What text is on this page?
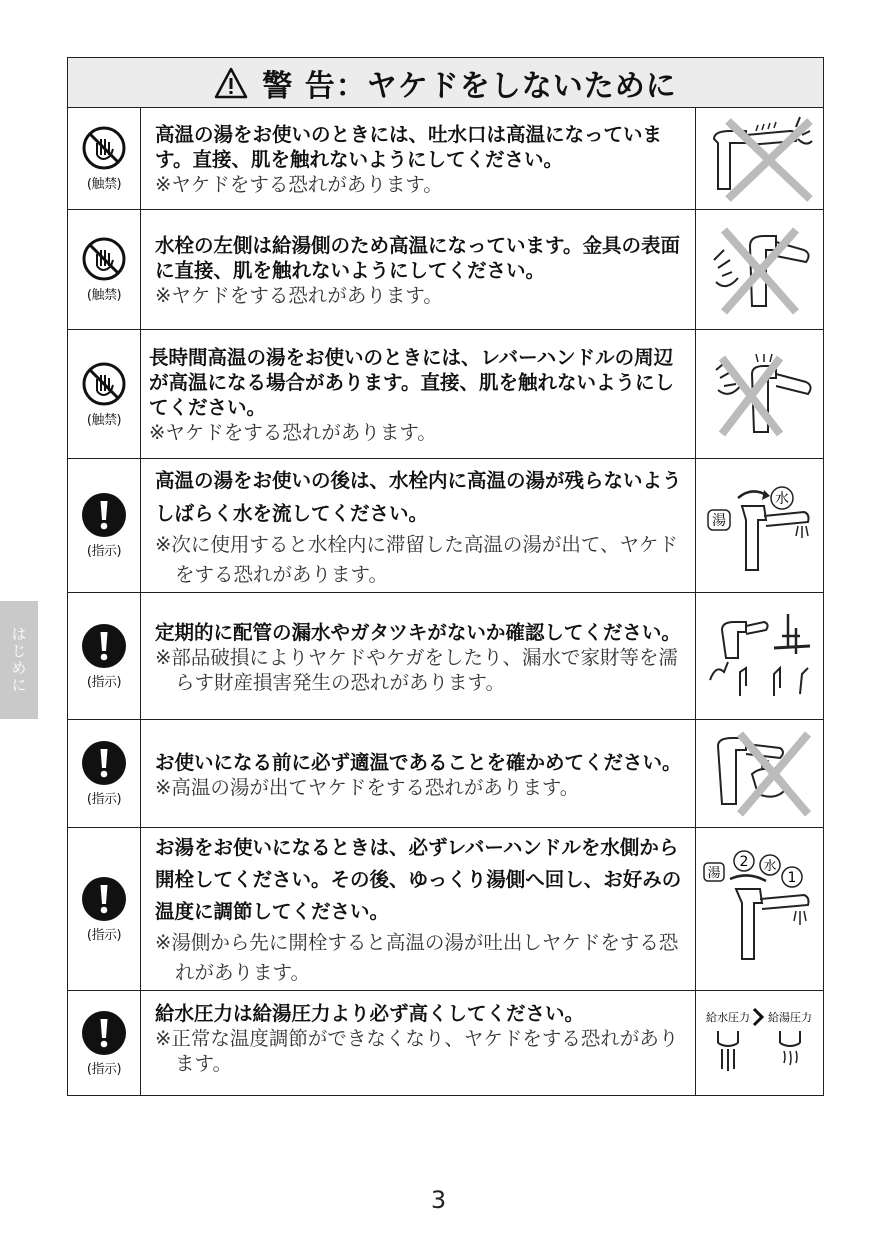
はじめに
警 告：ヤケドをしないために
(触禁)
高温の湯をお使いのときには、吐水口は高温になっています。直接、肌を触れないようにしてください。
※ヤケドをする恐れがあります。
(触禁)
水栓の左側は給湯側のため高温になっています。金具の表面に直接、肌を触れないようにしてください。
※ヤケドをする恐れがあります。
(触禁)
長時間高温の湯をお使いのときには、レバーハンドルの周辺が高温になる場合があります。直接、肌を触れないようにしてください。
※ヤケドをする恐れがあります。
(指示)
高温の湯をお使いの後は、水栓内に高温の湯が残らないようしばらく水を流してください。
※次に使用すると水栓内に滞留した高温の湯が出て、ヤケドをする恐れがあります。
湯
水
(指示)
定期的に配管の漏水やガタツキがないか確認してください。
※部品破損によりヤケドやケガをしたり、漏水で家財等を濡らす財産損害発生の恐れがあります。
(指示)
お使いになる前に必ず適温であることを確かめてください。
※高温の湯が出てヤケドをする恐れがあります。
(指示)
お湯をお使いになるときは、必ずレバーハンドルを水側から開栓してください。その後、ゆっくり湯側へ回し、お好みの温度に調節してください。
※湯側から先に開栓すると高温の湯が吐出しヤケドをする恐れがあります。
湯
2 水
1
(指示)
給水圧力は給湯圧力より必ず高くしてください。
※正常な温度調節ができなくなり、ヤケドをする恐れがあります。
給水圧力 給湯圧力
3
